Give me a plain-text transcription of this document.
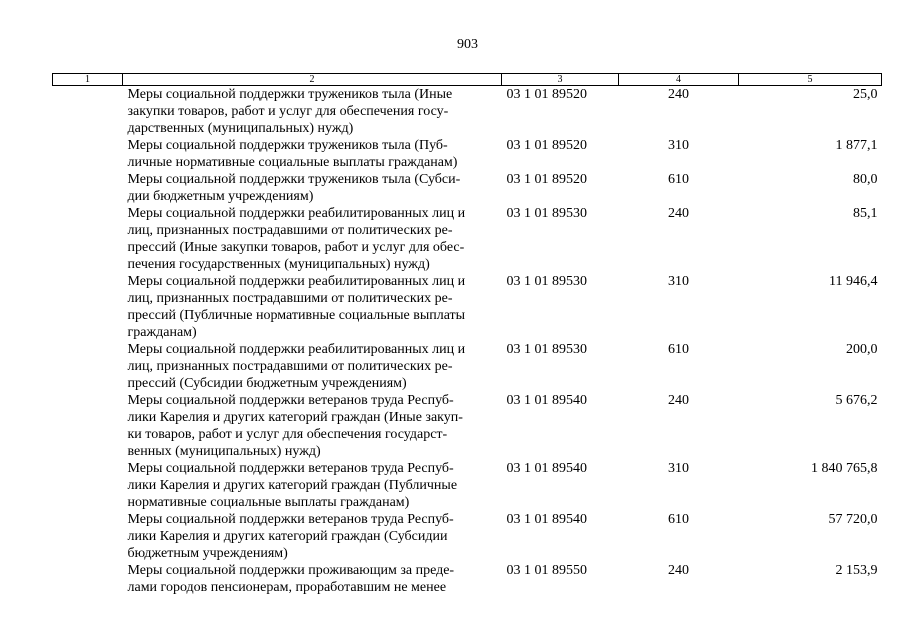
903
1	2	3	4	5

	Меры социальной поддержки тружеников тыла (Иные
закупки товаров, работ и услуг для обеспечения госу-
дарственных (муниципальных) нужд)	03 1 01 89520	240	25,0

	Меры социальной поддержки тружеников тыла (Пуб-
личные нормативные социальные выплаты гражданам)	03 1 01 89520	310	1 877,1

	Меры социальной поддержки тружеников тыла (Субси-
дии бюджетным учреждениям)	03 1 01 89520	610	80,0

	Меры социальной поддержки реабилитированных лиц и
лиц, признанных пострадавшими от политических ре-
прессий (Иные закупки товаров, работ и услуг для обес-
печения государственных (муниципальных) нужд)	03 1 01 89530	240	85,1

	Меры социальной поддержки реабилитированных лиц и
лиц, признанных пострадавшими от политических ре-
прессий (Публичные нормативные социальные выплаты
гражданам)	03 1 01 89530	310	11 946,4

	Меры социальной поддержки реабилитированных лиц и
лиц, признанных пострадавшими от политических ре-
прессий (Субсидии бюджетным учреждениям)	03 1 01 89530	610	200,0

	Меры социальной поддержки ветеранов труда Респуб-
лики Карелия и других категорий граждан (Иные закуп-
ки товаров, работ и услуг для обеспечения государст-
венных (муниципальных) нужд)	03 1 01 89540	240	5 676,2

	Меры социальной поддержки ветеранов труда Респуб-
лики Карелия и других категорий граждан (Публичные
нормативные социальные выплаты гражданам)	03 1 01 89540	310	1 840 765,8

	Меры социальной поддержки ветеранов труда Респуб-
лики Карелия и других категорий граждан (Субсидии
бюджетным учреждениям)	03 1 01 89540	610	57 720,0

	Меры социальной поддержки проживающим за преде-
лами городов пенсионерам, проработавшим не менее	03 1 01 89550	240	2 153,9
